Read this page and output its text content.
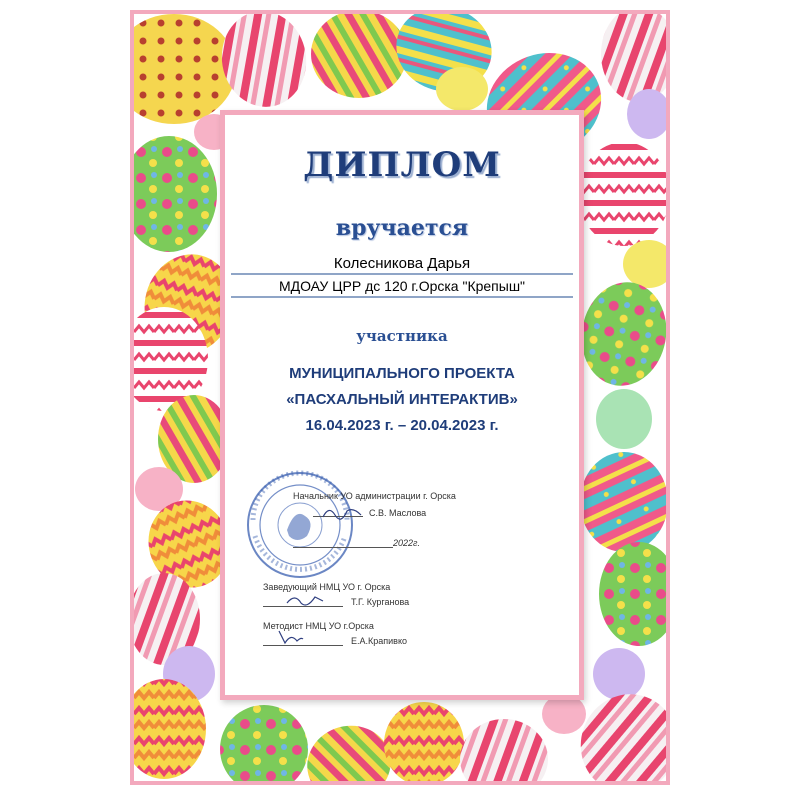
ДИПЛОМ
вручается
Колесникова Дарья
МДОАУ ЦРР дс 120 г.Орска "Крепыш"
участника
МУНИЦИПАЛЬНОГО ПРОЕКТА
«ПАСХАЛЬНЫЙ ИНТЕРАКТИВ»
16.04.2023 г. – 20.04.2023 г.
Начальник УО администрации г. Орска
С.В. Маслова
2022г.
Заведующий НМЦ УО г. Орска
Т.Г. Курганова
Методист НМЦ УО г.Орска
Е.А.Крапивко
